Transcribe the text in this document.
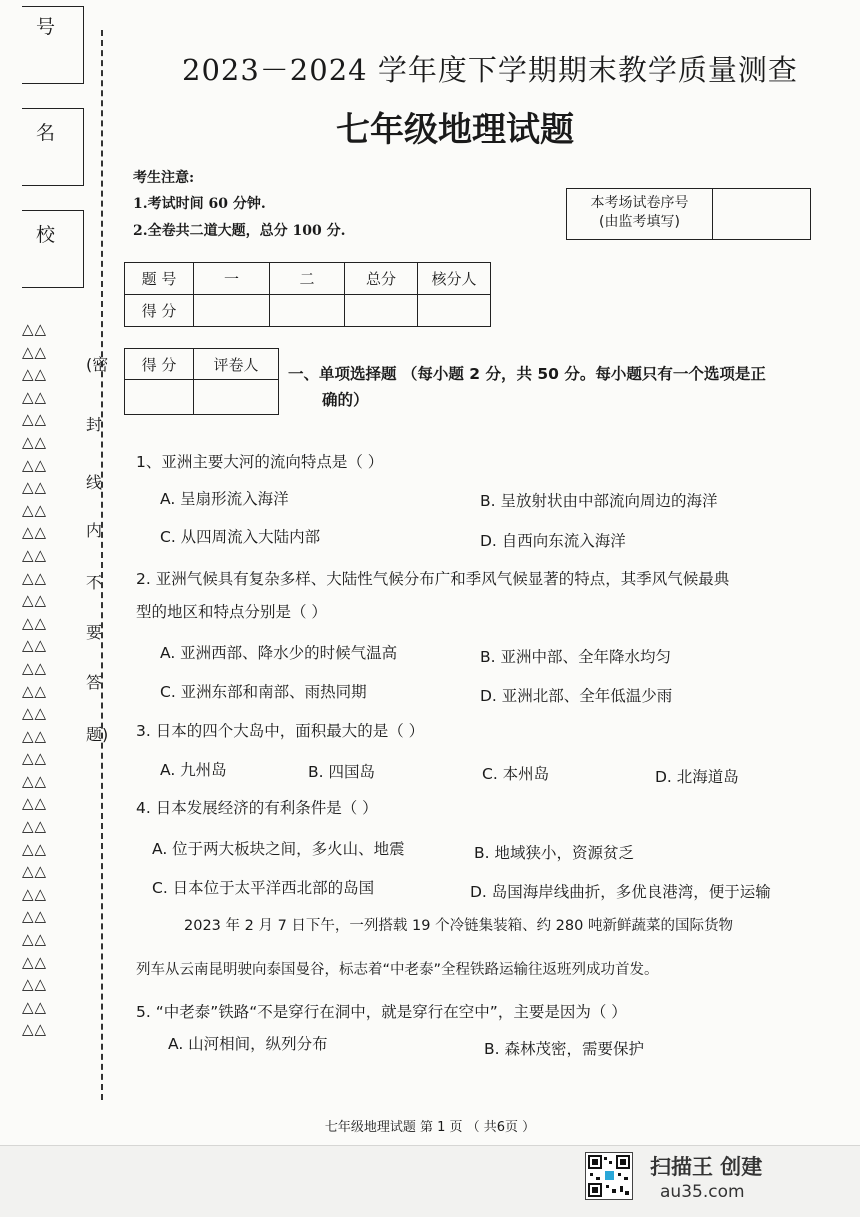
号
名
校
△△
△△
△△
△△
△△
△△
△△
△△
△△
△△
△△
△△
△△
△△
△△
△△
△△
△△
△△
△△
△△
△△
△△
△△
△△
△△
△△
△△
△△
△△
△△
△△
(密
封
线
内
不
要
答
题)
2023－2024 学年度下学期期末教学质量测查
七年级地理试题
考生注意:
1.考试时间 60 分钟.
2.全卷共二道大题，总分 100 分.
本考场试卷序号
(由监考填写)
题 号	一	二	总分	核分人
得 分				
得 分	评卷人

一、单项选择题 （每小题 2 分，共 50 分。每小题只有一个选项是正
确的）
1、亚洲主要大河的流向特点是（ ）
A. 呈扇形流入海洋	B. 呈放射状由中部流向周边的海洋
C. 从四周流入大陆内部	D. 自西向东流入海洋
2. 亚洲气候具有复杂多样、大陆性气候分布广和季风气候显著的特点，其季风气候最典
型的地区和特点分别是（ ）
A. 亚洲西部、降水少的时候气温高	B. 亚洲中部、全年降水均匀
C. 亚洲东部和南部、雨热同期	D. 亚洲北部、全年低温少雨
3. 日本的四个大岛中，面积最大的是（ ）
A. 九州岛	B. 四国岛	C. 本州岛	D. 北海道岛
4. 日本发展经济的有利条件是（ ）
A. 位于两大板块之间，多火山、地震	B. 地域狭小，资源贫乏
C. 日本位于太平洋西北部的岛国	D. 岛国海岸线曲折，多优良港湾，便于运输
2023 年 2 月 7 日下午，一列搭载 19 个冷链集装箱、约 280 吨新鲜蔬菜的国际货物
列车从云南昆明驶向泰国曼谷，标志着“中老泰”全程铁路运输往返班列成功首发。
5. “中老泰”铁路“不是穿行在洞中，就是穿行在空中”，主要是因为（ ）
A. 山河相间，纵列分布	B. 森林茂密，需要保护
七年级地理试题 第 1 页 （ 共6页 ）
扫描王 创建
au35.com
